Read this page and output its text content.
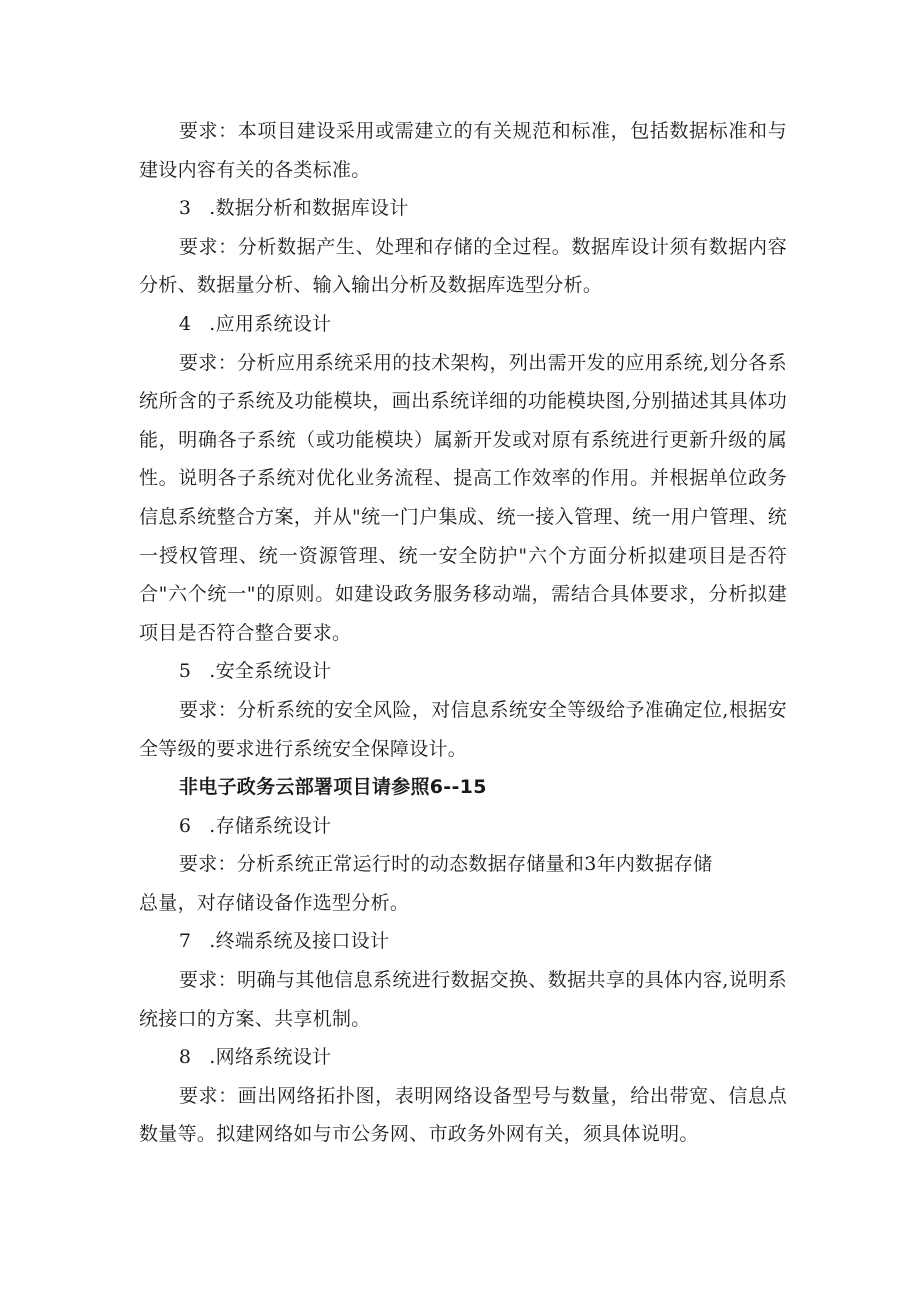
要求：本项目建设采用或需建立的有关规范和标准，包括数据标准和与建设内容有关的各类标准。

3 .数据分析和数据库设计

要求：分析数据产生、处理和存储的全过程。数据库设计须有数据内容分析、数据量分析、输入输出分析及数据库选型分析。

4 .应用系统设计

要求：分析应用系统采用的技术架构，列出需开发的应用系统,划分各系统所含的子系统及功能模块，画出系统详细的功能模块图,分别描述其具体功能，明确各子系统（或功能模块）属新开发或对原有系统进行更新升级的属性。说明各子系统对优化业务流程、提高工作效率的作用。并根据单位政务信息系统整合方案，并从"统一门户集成、统一接入管理、统一用户管理、统一授权管理、统一资源管理、统一安全防护"六个方面分析拟建项目是否符合"六个统一"的原则。如建设政务服务移动端，需结合具体要求，分析拟建项目是否符合整合要求。

5 .安全系统设计

要求：分析系统的安全风险，对信息系统安全等级给予准确定位,根据安全等级的要求进行系统安全保障设计。

非电子政务云部署项目请参照6--15

6 .存储系统设计

要求：分析系统正常运行时的动态数据存储量和3年内数据存储

总量，对存储设备作选型分析。

7 .终端系统及接口设计

要求：明确与其他信息系统进行数据交换、数据共享的具体内容,说明系统接口的方案、共享机制。

8 .网络系统设计

要求：画出网络拓扑图，表明网络设备型号与数量，给出带宽、信息点数量等。拟建网络如与市公务网、市政务外网有关，须具体说明。
